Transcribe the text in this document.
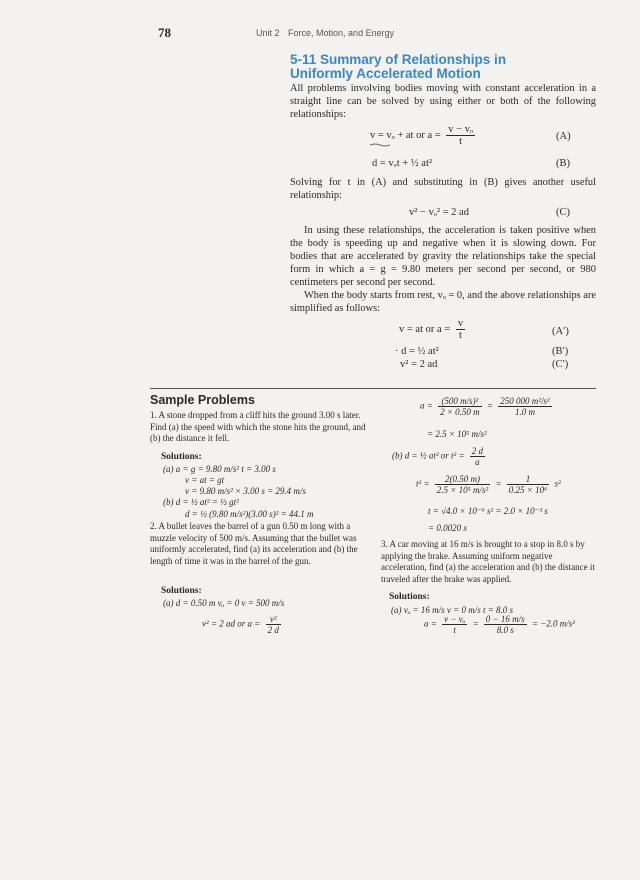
78	Unit 2 Force, Motion, and Energy
5-11 Summary of Relationships in
Uniformly Accelerated Motion

All problems involving bodies moving with constant acceleration in a straight line can be solved by using either or both of the following relationships:

v = vₒ + at or $a = \frac{\text{v − vₒ}}{t}$	(A)
d = vₒt + ½ at²	(B)

Solving for t in (A) and substituting in (B) gives another useful relationship:

v² − vₒ² = 2 ad	(C)

In using these relationships, the acceleration is taken positive when the body is speeding up and negative when it is slowing down. For bodies that are accelerated by gravity the relationships take the special form in which a = g = 9.80 meters per second per second, or 980 centimeters per second per second.

When the body starts from rest, vₒ = 0, and the above relationships are simplified as follows:

v = at or $a = \frac{v}{t}$	(A′)
· d = ½ at²	(B′)
v² = 2 ad	(C′)
Sample Problems

1. A stone dropped from a cliff hits the ground 3.00 s later. Find (a) the speed with which the stone hits the ground, and (b) the distance it fell.

Solutions:
(a) a = g = 9.80 m/s² t = 3.00 s
v = at = gt
v = 9.80 m/s² × 3.00 s = 29.4 m/s
(b) d = ½ at² = ½ gt²
d = ½ (9.80 m/s²)(3.00 s)² = 44.1 m

2. A bullet leaves the barrel of a gun 0.50 m long with a muzzle velocity of 500 m/s. Assuming that the bullet was uniformly accelerated, find (a) its acceleration and (b) the length of time it was in the barrel of the gun.

Solutions:
(a) d = 0.50 m vₒ = 0 v = 500 m/s
v² = 2 ad or $a = \frac{\text{v²}}{2 d}$
$a = \frac{\text{(500 m/s)²}}{2 \times 0.50 m} = \frac{\text{250 000 m²/s²}}{1.0 m}$
= 2.5 × 10⁵ m/s²
(b) d = ½ at² or $t^2 = \frac{2 d}{a}$
$t^2 = \frac{2(0.50 m)}{\text{2.5 × 10⁵ m/s²}} = \frac{1}{\text{0.25 × 10⁶}} s^2$
t = √4.0 × 10⁻⁶ s² = 2.0 × 10⁻³ s
= 0.0020 s

3. A car moving at 16 m/s is brought to a stop in 8.0 s by applying the brake. Assuming uniform negative acceleration, find (a) the acceleration and (b) the distance it traveled after the brake was applied.

Solutions:
(a) vₒ = 16 m/s v = 0 m/s t = 8.0 s
$a = \frac{\text{v − vₒ}}{t} = \frac{0 - 16 m/s}{8.0 s} = -2.0$ m/s²
